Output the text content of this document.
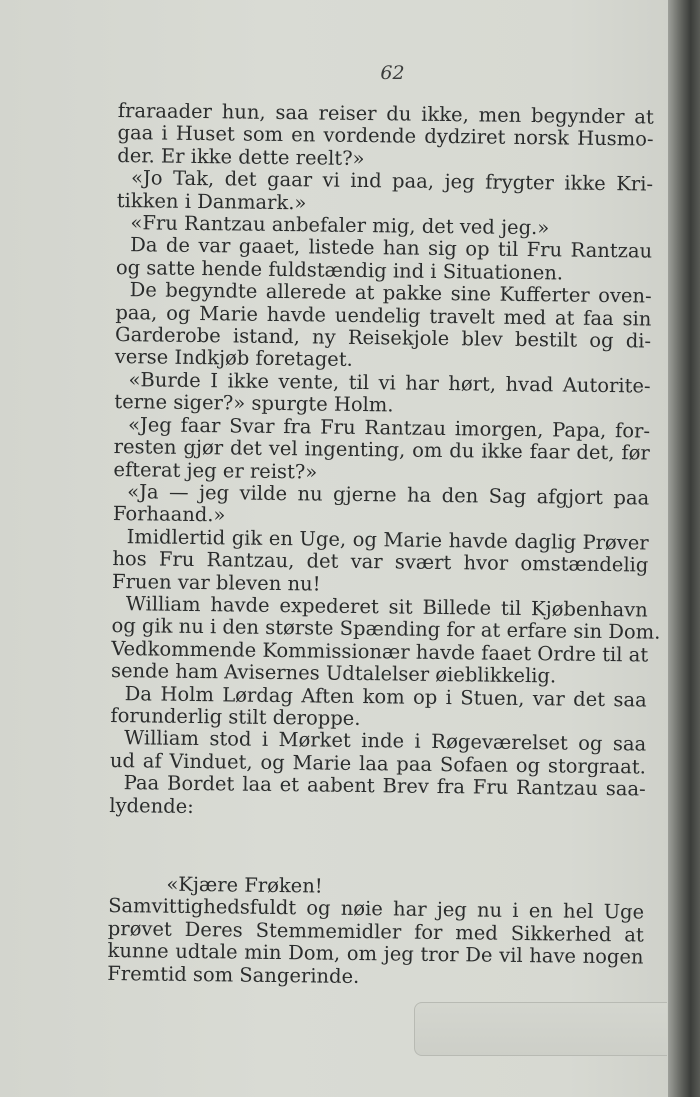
62
fraraader hun, saa reiser du ikke, men begynder at
gaa i Huset som en vordende dydziret norsk Husmo-
der. Er ikke dette reelt?»
«Jo Tak, det gaar vi ind paa, jeg frygter ikke Kri-
tikken i Danmark.»
«Fru Rantzau anbefaler mig, det ved jeg.»
Da de var gaaet, listede han sig op til Fru Rantzau
og satte hende fuldstændig ind i Situationen.
De begyndte allerede at pakke sine Kufferter oven-
paa, og Marie havde uendelig travelt med at faa sin
Garderobe istand, ny Reisekjole blev bestilt og di-
verse Indkjøb foretaget.
«Burde I ikke vente, til vi har hørt, hvad Autorite-
terne siger?» spurgte Holm.
«Jeg faar Svar fra Fru Rantzau imorgen, Papa, for-
resten gjør det vel ingenting, om du ikke faar det, før
efterat jeg er reist?»
«Ja — jeg vilde nu gjerne ha den Sag afgjort paa
Forhaand.»
Imidlertid gik en Uge, og Marie havde daglig Prøver
hos Fru Rantzau, det var svært hvor omstændelig
Fruen var bleven nu!
William havde expederet sit Billede til Kjøbenhavn
og gik nu i den største Spænding for at erfare sin Dom.
Vedkommende Kommissionær havde faaet Ordre til at
sende ham Avisernes Udtalelser øieblikkelig.
Da Holm Lørdag Aften kom op i Stuen, var det saa
forunderlig stilt deroppe.
William stod i Mørket inde i Røgeværelset og saa
ud af Vinduet, og Marie laa paa Sofaen og storgraat.
Paa Bordet laa et aabent Brev fra Fru Rantzau saa-
lydende:
«Kjære Frøken!
Samvittighedsfuldt og nøie har jeg nu i en hel Uge
prøvet Deres Stemmemidler for med Sikkerhed at
kunne udtale min Dom, om jeg tror De vil have nogen
Fremtid som Sangerinde.
